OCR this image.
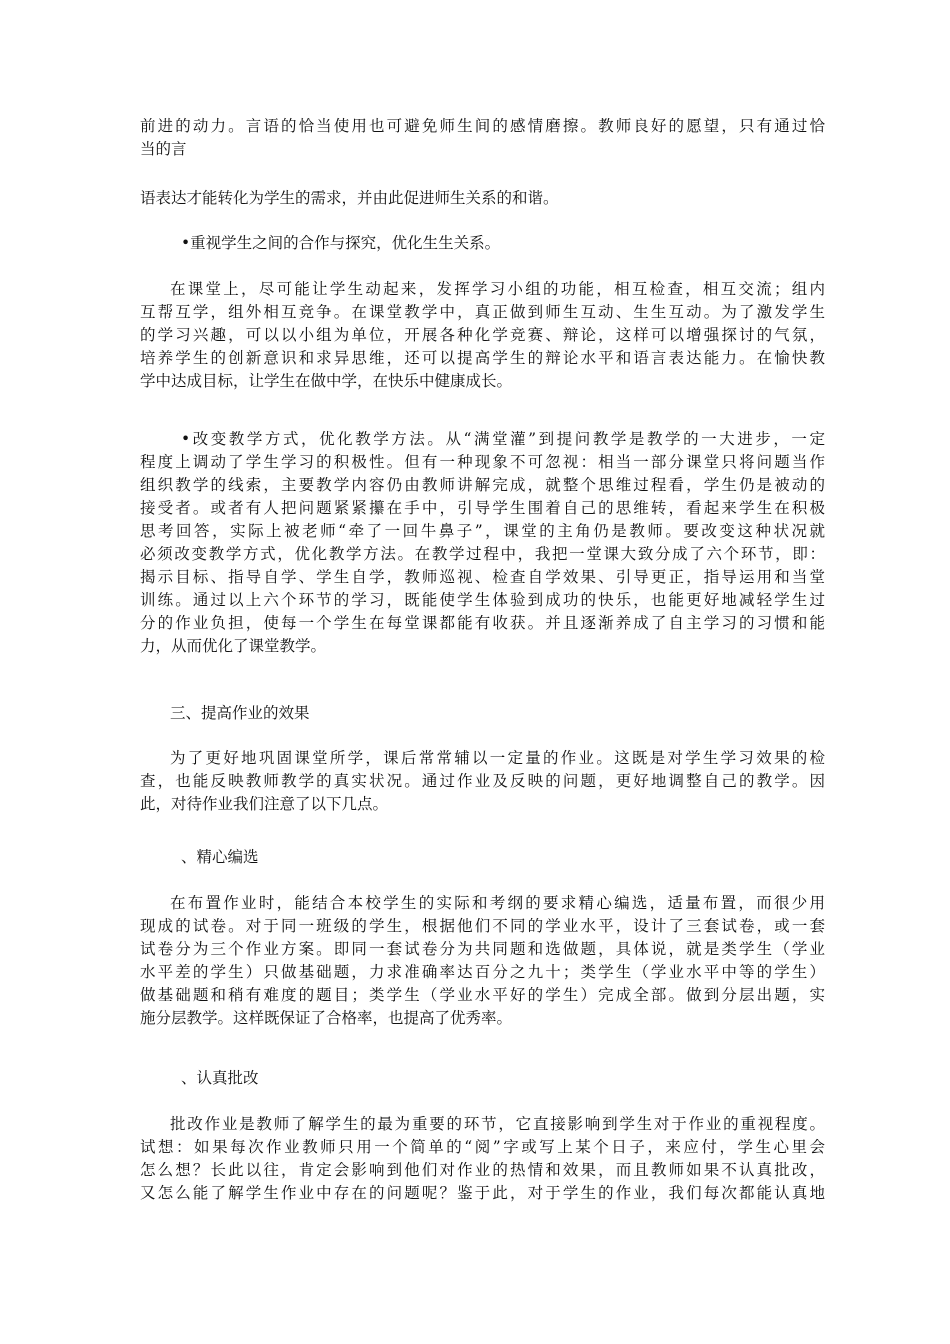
前进的动力。言语的恰当使用也可避免师生间的感情磨擦。教师良好的愿望，只有通过恰
当的言
语表达才能转化为学生的需求，并由此促进师生关系的和谐。
•重视学生之间的合作与探究，优化生生关系。
在课堂上，尽可能让学生动起来，发挥学习小组的功能，相互检查，相互交流；组内
互帮互学，组外相互竞争。在课堂教学中，真正做到师生互动、生生互动。为了激发学生
的学习兴趣，可以以小组为单位，开展各种化学竞赛、辩论，这样可以增强探讨的气氛，
培养学生的创新意识和求异思维，还可以提高学生的辩论水平和语言表达能力。在愉快教
学中达成目标，让学生在做中学，在快乐中健康成长。
•改变教学方式，优化教学方法。从“满堂灌”到提问教学是教学的一大进步，一定
程度上调动了学生学习的积极性。但有一种现象不可忽视：相当一部分课堂只将问题当作
组织教学的线索，主要教学内容仍由教师讲解完成，就整个思维过程看，学生仍是被动的
接受者。或者有人把问题紧紧攥在手中，引导学生围着自己的思维转，看起来学生在积极
思考回答，实际上被老师“牵了一回牛鼻子”，课堂的主角仍是教师。要改变这种状况就
必须改变教学方式，优化教学方法。在教学过程中，我把一堂课大致分成了六个环节，即：
揭示目标、指导自学、学生自学，教师巡视、检查自学效果、引导更正，指导运用和当堂
训练。通过以上六个环节的学习，既能使学生体验到成功的快乐，也能更好地减轻学生过
分的作业负担，使每一个学生在每堂课都能有收获。并且逐渐养成了自主学习的习惯和能
力，从而优化了课堂教学。
三、提高作业的效果
为了更好地巩固课堂所学，课后常常辅以一定量的作业。这既是对学生学习效果的检
查，也能反映教师教学的真实状况。通过作业及反映的问题，更好地调整自己的教学。因
此，对待作业我们注意了以下几点。
、精心编选
在布置作业时，能结合本校学生的实际和考纲的要求精心编选，适量布置，而很少用
现成的试卷。对于同一班级的学生，根据他们不同的学业水平，设计了三套试卷，或一套
试卷分为三个作业方案。即同一套试卷分为共同题和选做题，具体说，就是类学生（学业
水平差的学生）只做基础题，力求准确率达百分之九十；类学生（学业水平中等的学生）
做基础题和稍有难度的题目；类学生（学业水平好的学生）完成全部。做到分层出题，实
施分层教学。这样既保证了合格率，也提高了优秀率。
、认真批改
批改作业是教师了解学生的最为重要的环节，它直接影响到学生对于作业的重视程度。
试想：如果每次作业教师只用一个简单的“阅”字或写上某个日子，来应付，学生心里会
怎么想？长此以往，肯定会影响到他们对作业的热情和效果，而且教师如果不认真批改，
又怎么能了解学生作业中存在的问题呢？鉴于此，对于学生的作业，我们每次都能认真地
